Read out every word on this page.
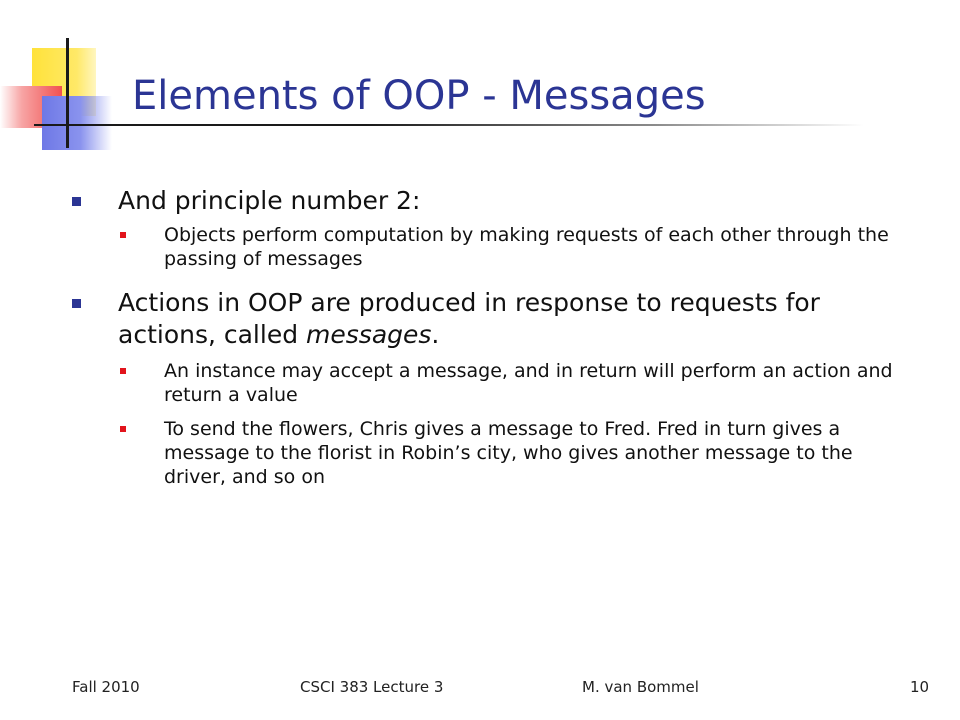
Elements of OOP - Messages
And principle number 2:
Objects perform computation by making requests of each other through the passing of messages
Actions in OOP are produced in response to requests for actions, called messages.
An instance may accept a message, and in return will perform an action and return a value
To send the flowers, Chris gives a message to Fred. Fred in turn gives a message to the florist in Robin’s city, who gives another message to the driver, and so on
Fall 2010	CSCI 383 Lecture 3	M. van Bommel	10
